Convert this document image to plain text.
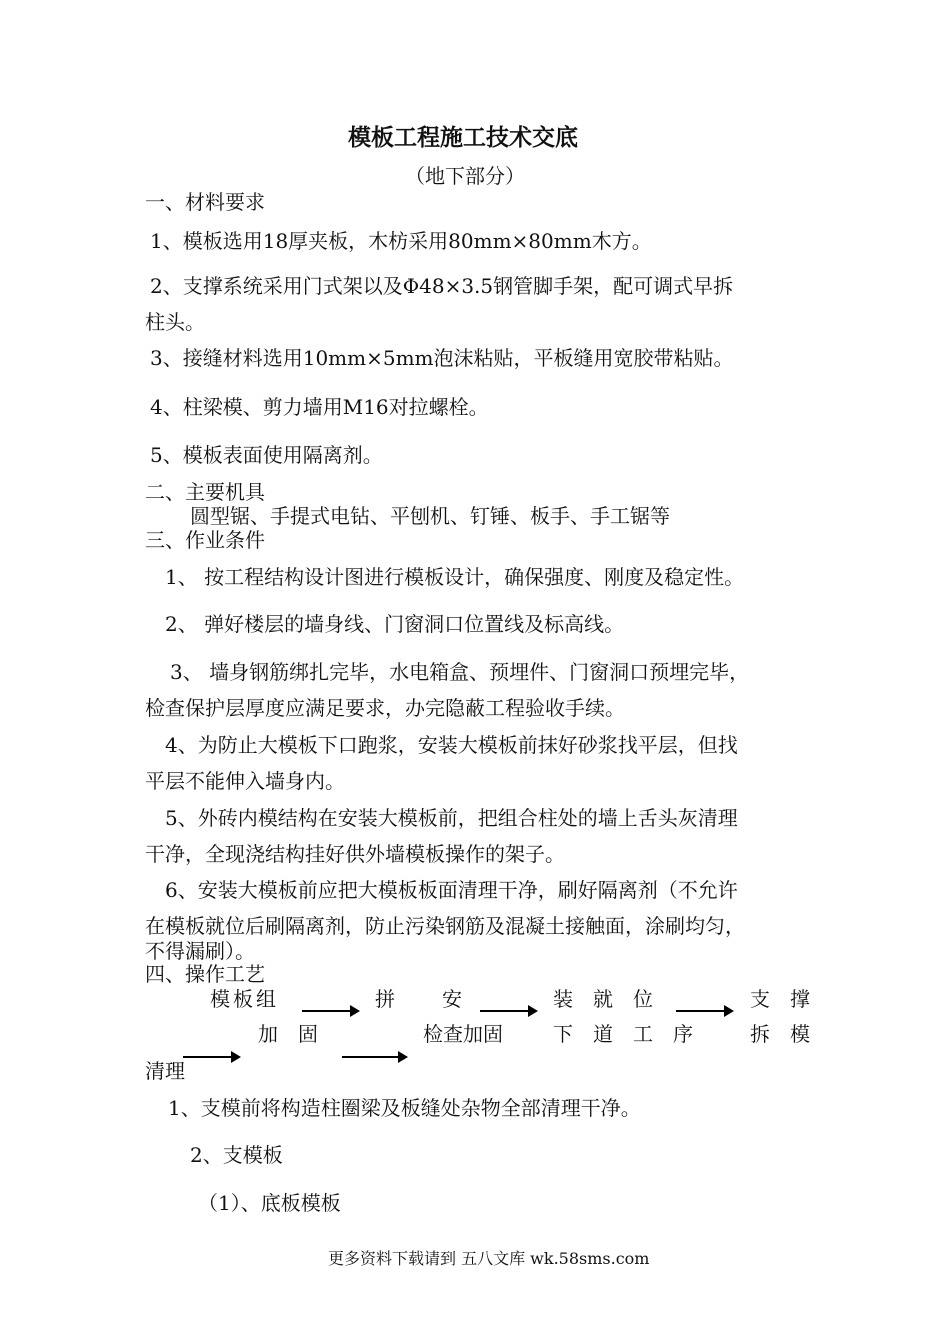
模板工程施工技术交底
（地下部分）
一、材料要求
1、模板选用18厚夹板，木枋采用80mm×80mm木方。
2、支撑系统采用门式架以及Φ48×3.5钢管脚手架，配可调式早拆
柱头。
3、接缝材料选用10mm×5mm泡沫粘贴，平板缝用宽胶带粘贴。
4、柱梁模、剪力墙用M16对拉螺栓。
5、模板表面使用隔离剂。
二、主要机具
圆型锯、手提式电钻、平刨机、钉锤、板手、手工锯等
三、作业条件
1、 按工程结构设计图进行模板设计，确保强度、刚度及稳定性。
2、 弹好楼层的墙身线、门窗洞口位置线及标高线。
3、 墙身钢筋绑扎完毕，水电箱盒、预埋件、门窗洞口预埋完毕，
检查保护层厚度应满足要求，办完隐蔽工程验收手续。
4、为防止大模板下口跑浆，安装大模板前抹好砂浆找平层，但找
平层不能伸入墙身内。
5、外砖内模结构在安装大模板前，把组合柱处的墙上舌头灰清理
干净，全现浇结构挂好供外墙模板操作的架子。
6、安装大模板前应把大模板板面清理干净，刷好隔离剂（不允许
在模板就位后刷隔离剂，防止污染钢筋及混凝土接触面，涂刷均匀，
不得漏刷）。
四、操作工艺
模板组	拼 安	装　就　位	支　撑
加　固	检查加固	下　道　工　序	拆　模
清理
1、支模前将构造柱圈梁及板缝处杂物全部清理干净。
2、支模板
（1）、底板模板
更多资料下载请到 五八文库 wk.58sms.com
